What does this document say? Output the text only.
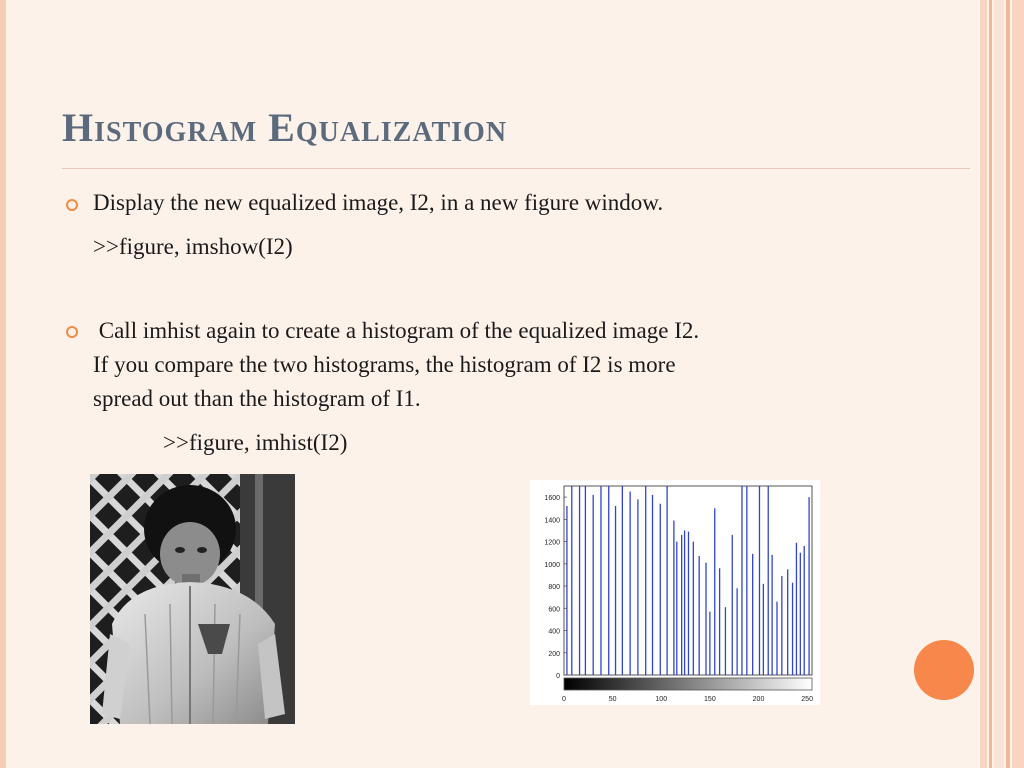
Histogram Equalization

Display the new equalized image, I2, in a new figure window.

>>figure, imshow(I2)

Call imhist again to create a histogram of the equalized image I2.

If you compare the two histograms, the histogram of I2 is more

spread out than the histogram of I1.

>>figure, imhist(I2)

0
200
400
600
800
1000
1200
1400
1600
0	50	100	150	200	250
